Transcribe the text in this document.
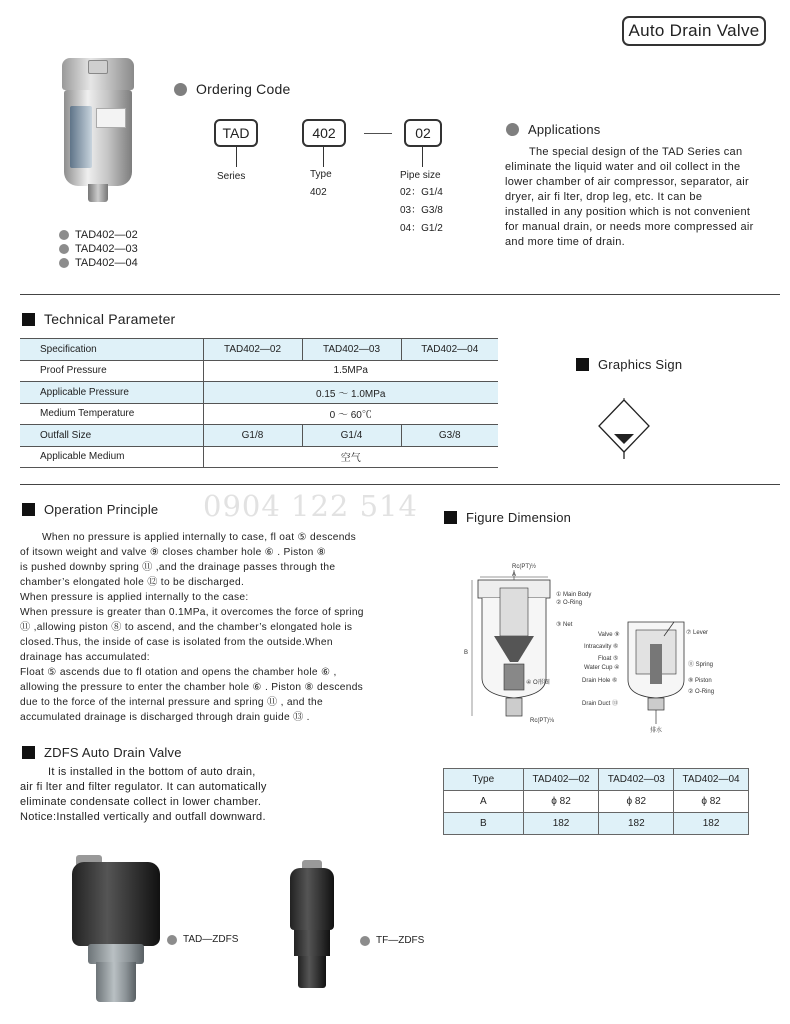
Auto Drain Valve
TAD402—02
TAD402—03
TAD402—04
Ordering Code
TAD
Series
402
Type
402
——	02
Pipe size
02：G1/4
03：G3/8
04：G1/2
Applications
The special design of the TAD Series can
eliminate the liquid water and oil collect in the
lower chamber of air compressor, separator, air
dryer, air fi lter, drop leg, etc. It can be
installed in any position which is not convenient
for manual drain, or needs more compressed air
and more time of drain.
Technical Parameter
Specification	TAD402—02	TAD402—03	TAD402—04
Proof Pressure	1.5MPa		
Applicable Pressure	0.15 ～ 1.0MPa		
Medium Temperature	0 ～ 60℃		
Outfall Size	G1/8	G1/4	G3/8
Applicable Medium	空气		
Graphics Sign
0904 122 514
Operation Principle
When no pressure is applied internally to case, fl oat ⑤ descends
of itsown weight and valve ⑨ closes chamber hole ⑥ . Piston ⑧
is pushed downby spring ⑪ ,and the drainage passes through the
chamber’s elongated hole ⑫ to be discharged.
When pressure is applied internally to the case:
When pressure is greater than 0.1MPa, it overcomes the force of spring
⑪ ,allowing piston ⑧ to ascend, and the chamber’s elongated hole is
closed.Thus, the inside of case is isolated from the outside.When
drainage has accumulated:
Float ⑤ ascends due to fl otation and opens the chamber hole ⑥ ,
allowing the pressure to enter the chamber hole ⑥ . Piston ⑧ descends
due to the force of the internal pressure and spring ⑪ , and the
accumulated drainage is discharged through drain guide ⑬ .
ZDFS Auto Drain Valve
It is installed in the bottom of auto drain,
air fi lter and filter regulator. It can automatically
eliminate condensate collect in lower chamber.
Notice:Installed vertically and outfall downward.
Figure Dimension
Rc(PT)½
① Main Body
② O-Ring
③ Net
④ O形圈
Rc(PT)⅛
A
B
Valve ⑨
Intracavity ⑥
Float ⑤
Water Cup ④
Drain Hole ⑥
Drain Duct ⑬
⑦ Lever
⑪ Spring
⑧ Piston
② O-Ring
排水
Type	TAD402—02	TAD402—03	TAD402—04
A	ϕ 82	ϕ 82	ϕ 82
B	182	182	182
TAD—ZDFS	TF—ZDFS
